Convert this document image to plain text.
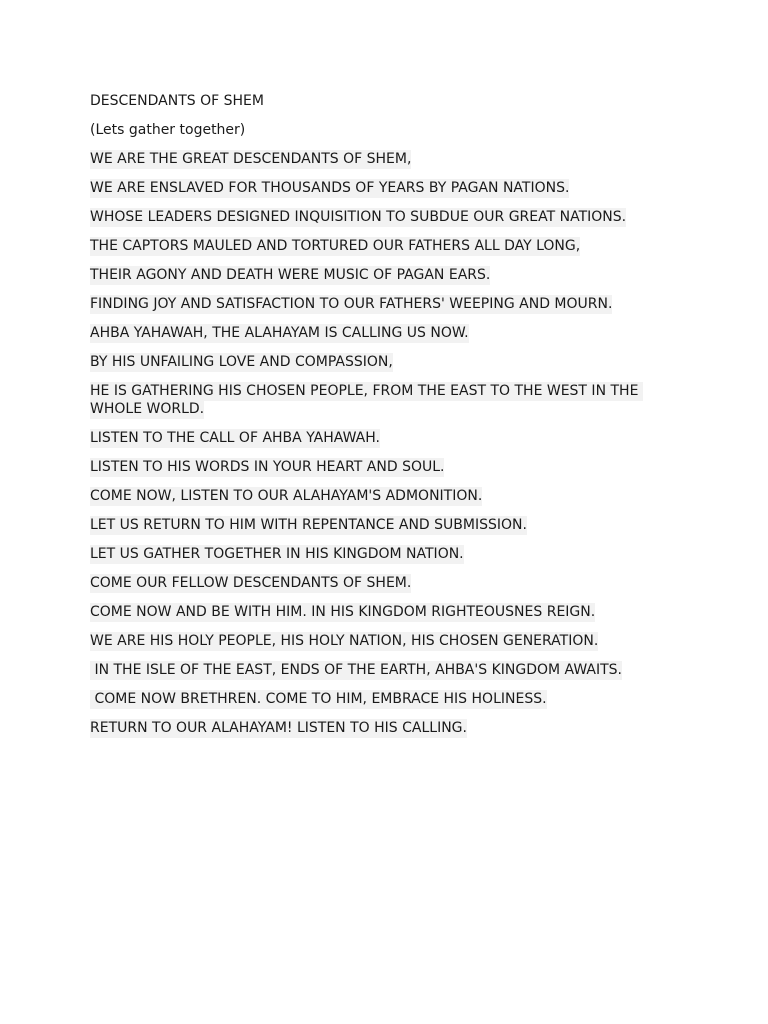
DESCENDANTS OF SHEM
(Lets gather together)
WE ARE THE GREAT DESCENDANTS OF SHEM,
WE ARE ENSLAVED FOR THOUSANDS OF YEARS BY PAGAN NATIONS.
WHOSE LEADERS DESIGNED INQUISITION TO SUBDUE OUR GREAT NATIONS.
THE CAPTORS MAULED AND TORTURED OUR FATHERS ALL DAY LONG,
THEIR AGONY AND DEATH WERE MUSIC OF PAGAN EARS.
FINDING JOY AND SATISFACTION TO OUR FATHERS' WEEPING AND MOURN.
AHBA YAHAWAH, THE ALAHAYAM IS CALLING US NOW.
BY HIS UNFAILING LOVE AND COMPASSION,
HE IS GATHERING HIS CHOSEN PEOPLE, FROM THE EAST TO THE WEST IN THE WHOLE WORLD.
LISTEN TO THE CALL OF AHBA YAHAWAH.
LISTEN TO HIS WORDS IN YOUR HEART AND SOUL.
COME NOW, LISTEN TO OUR ALAHAYAM'S ADMONITION.
LET US RETURN TO HIM WITH REPENTANCE AND SUBMISSION.
LET US GATHER TOGETHER IN HIS KINGDOM NATION.
COME OUR FELLOW DESCENDANTS OF SHEM.
COME NOW AND BE WITH HIM. IN HIS KINGDOM RIGHTEOUSNES REIGN.
WE ARE HIS HOLY PEOPLE, HIS HOLY NATION, HIS CHOSEN GENERATION.
IN THE ISLE OF THE EAST, ENDS OF THE EARTH, AHBA'S KINGDOM AWAITS.
COME NOW BRETHREN. COME TO HIM, EMBRACE HIS HOLINESS.
RETURN TO OUR ALAHAYAM! LISTEN TO HIS CALLING.
